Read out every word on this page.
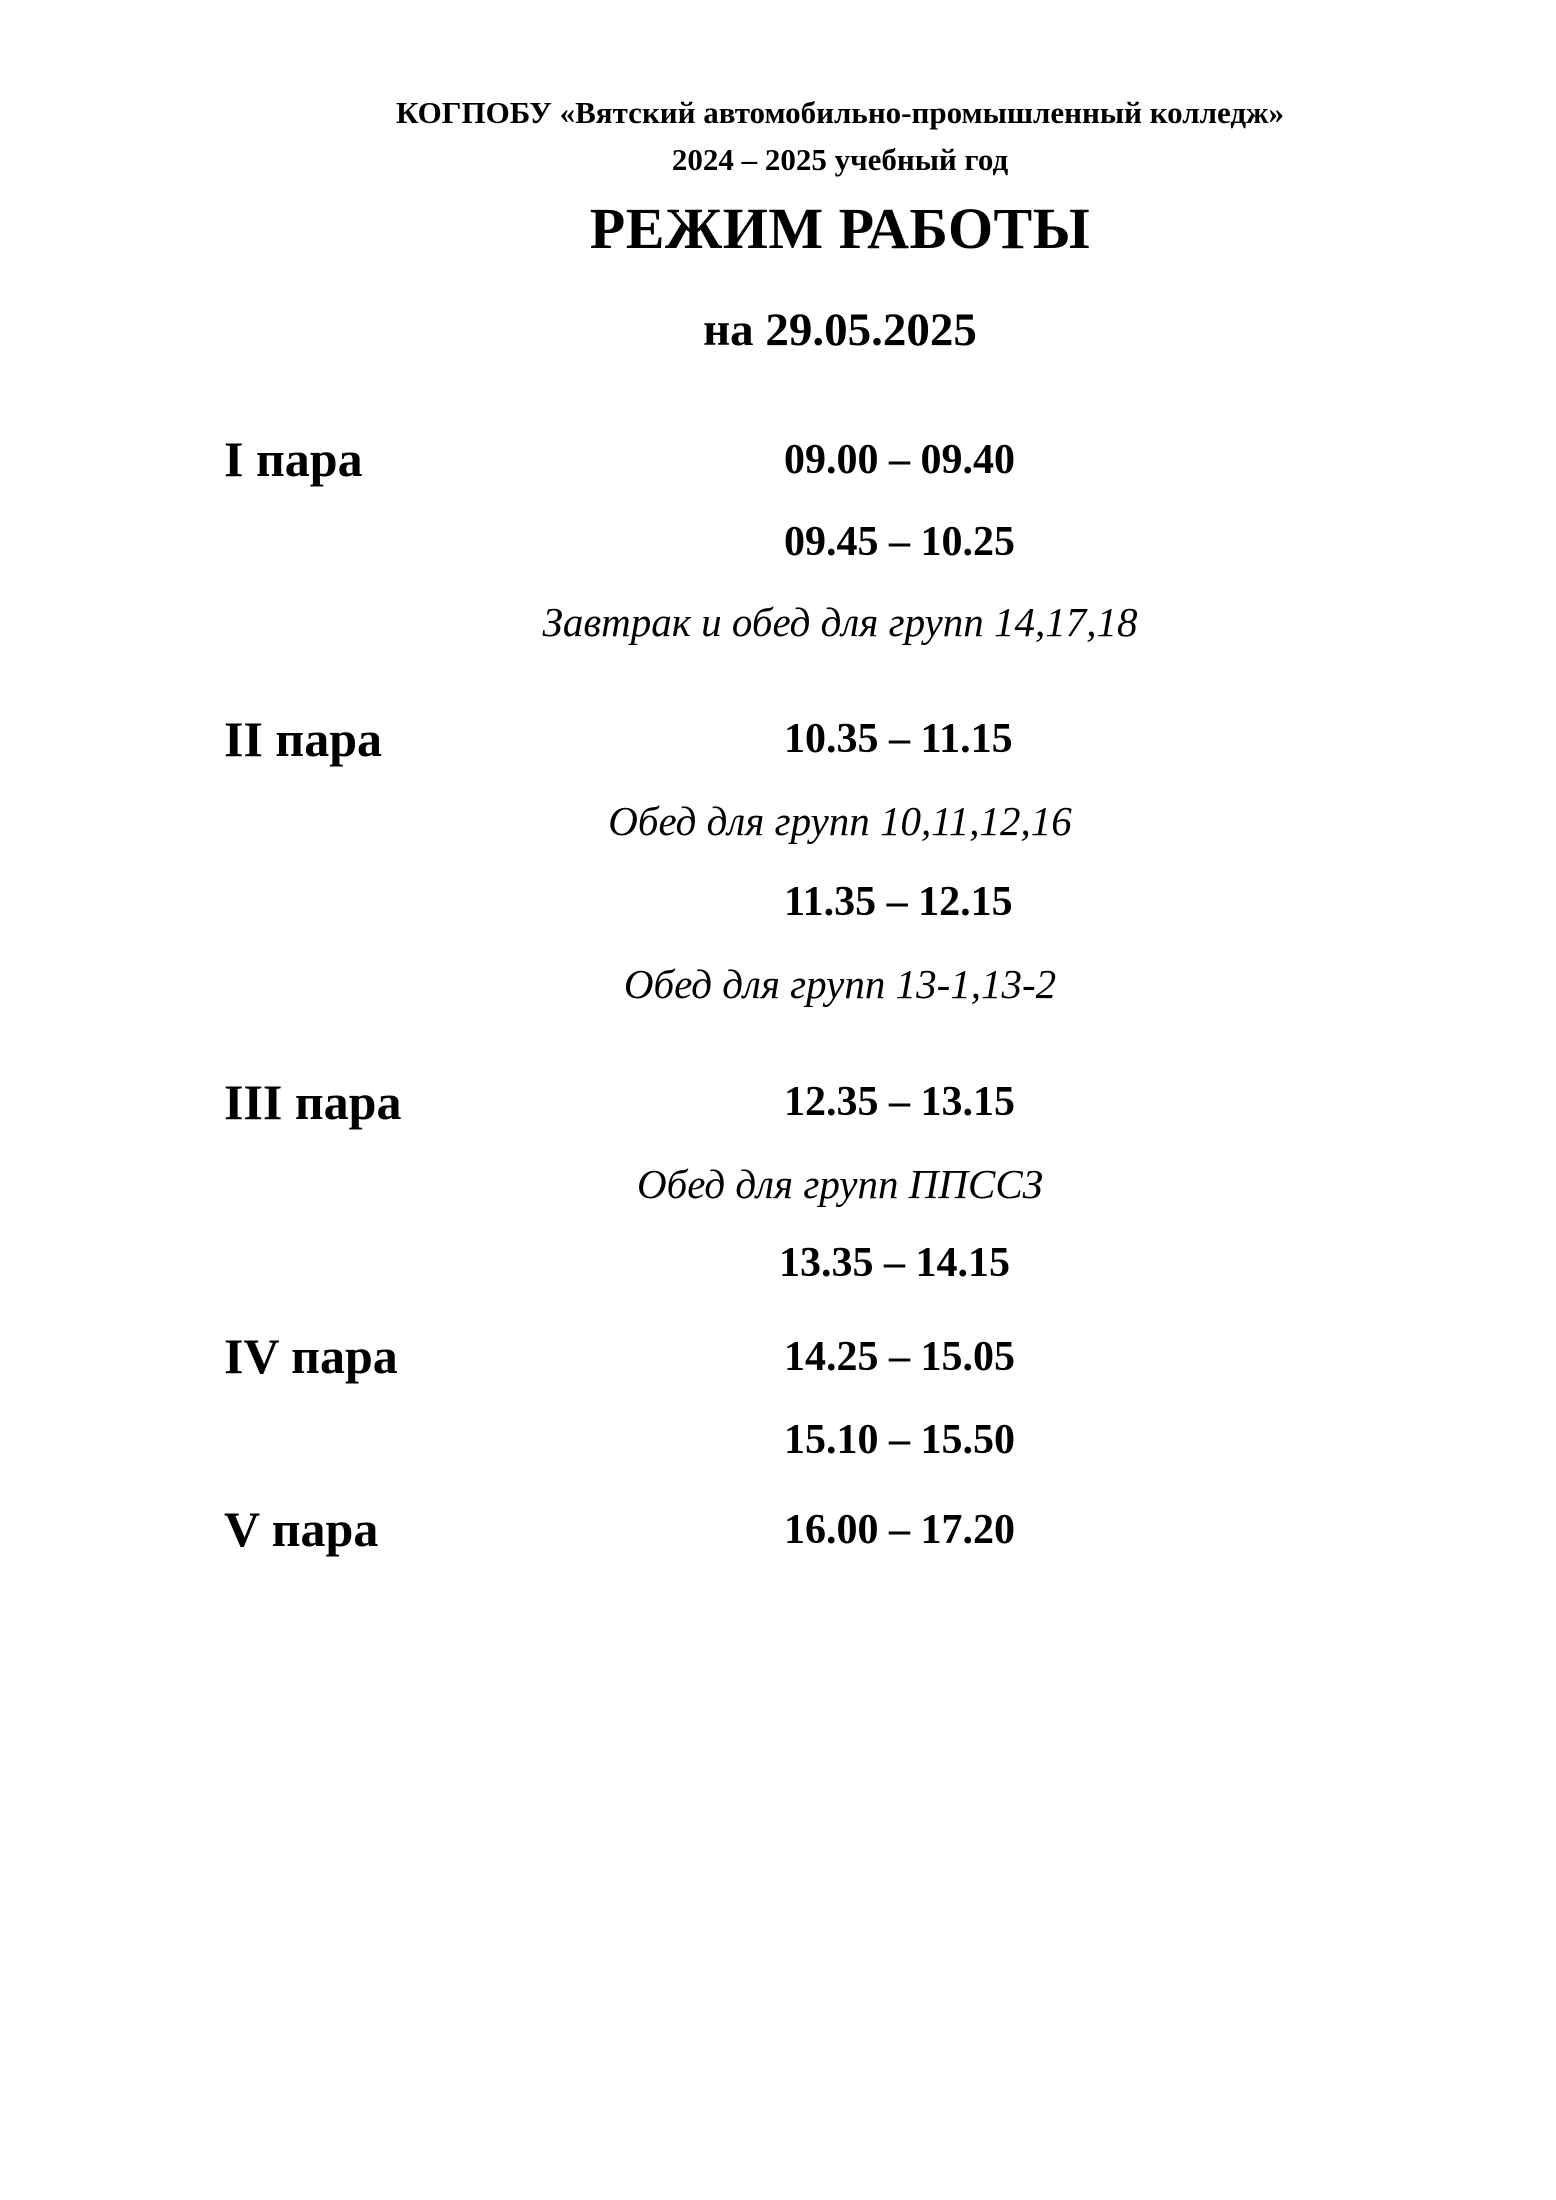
КОГПОБУ «Вятский автомобильно-промышленный колледж»
2024 – 2025 учебный год
РЕЖИМ РАБОТЫ
на 29.05.2025
I пара	09.00 – 09.40
09.45 – 10.25
Завтрак и обед для групп 14,17,18
II пара	10.35 – 11.15
Обед для групп 10,11,12,16
11.35 – 12.15
Обед для групп 13-1,13-2
III пара	12.35 – 13.15
Обед для групп ППССЗ
13.35 – 14.15
IV пара	14.25 – 15.05
15.10 – 15.50
V пара	16.00 – 17.20
